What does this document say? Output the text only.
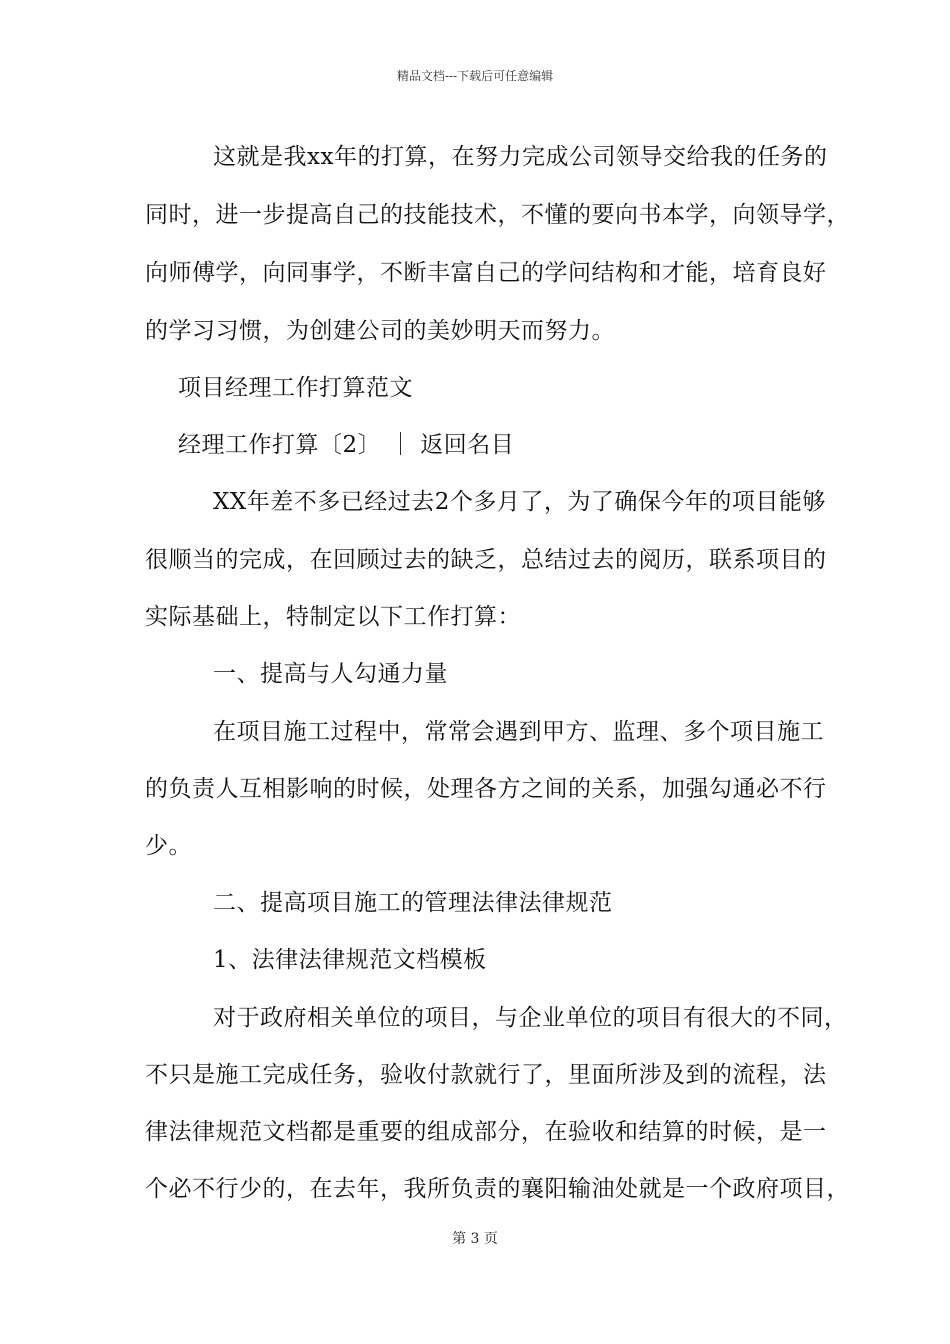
精品文档---下载后可任意编辑
这就是我xx年的打算，在努力完成公司领导交给我的任务的
同时，进一步提高自己的技能技术，不懂的要向书本学，向领导学，
向师傅学，向同事学，不断丰富自己的学问结构和才能，培育良好
的学习习惯，为创建公司的美妙明天而努力。
项目经理工作打算范文
经理工作打算〔2〕 ｜ 返回名目
XX年差不多已经过去2个多月了，为了确保今年的项目能够
很顺当的完成，在回顾过去的缺乏，总结过去的阅历，联系项目的
实际基础上，特制定以下工作打算：
一、提高与人勾通力量
在项目施工过程中，常常会遇到甲方、监理、多个项目施工
的负责人互相影响的时候，处理各方之间的关系，加强勾通必不行
少。
二、提高项目施工的管理法律法律规范
1、法律法律规范文档模板
对于政府相关单位的项目，与企业单位的项目有很大的不同，
不只是施工完成任务，验收付款就行了，里面所涉及到的流程，法
律法律规范文档都是重要的组成部分，在验收和结算的时候，是一
个必不行少的，在去年，我所负责的襄阳输油处就是一个政府项目，
第 3 页
